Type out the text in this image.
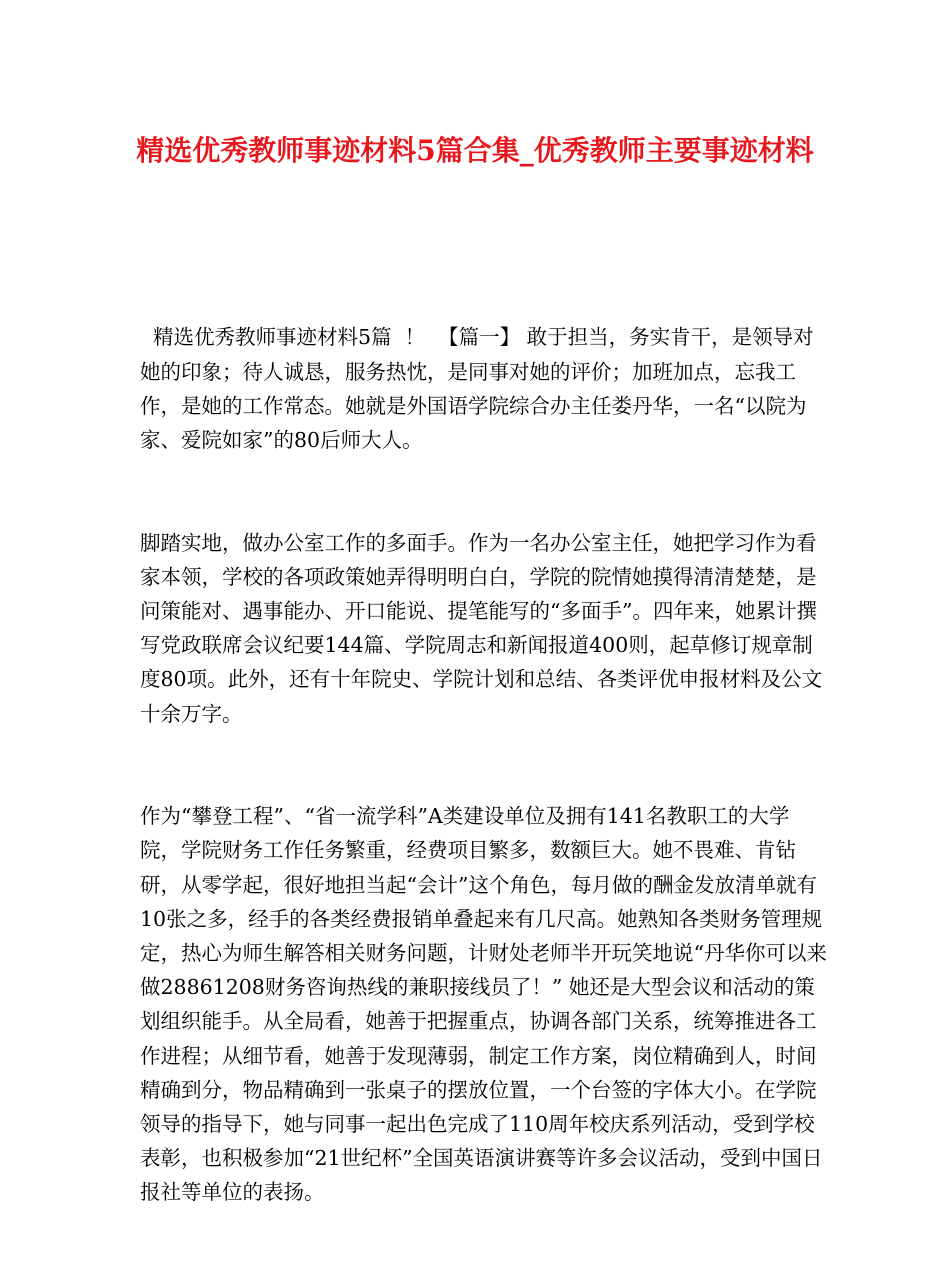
精选优秀教师事迹材料5篇合集_优秀教师主要事迹材料

精选优秀教师事迹材料5篇  ！  【篇一】 敢于担当，务实肯干，是领导对她的印象；待人诚恳，服务热忱，是同事对她的评价；加班加点，忘我工作，是她的工作常态。她就是外国语学院综合办主任娄丹华，一名“以院为家、爱院如家”的80后师大人。

脚踏实地，做办公室工作的多面手。作为一名办公室主任，她把学习作为看家本领，学校的各项政策她弄得明明白白，学院的院情她摸得清清楚楚，是问策能对、遇事能办、开口能说、提笔能写的“多面手”。四年来，她累计撰写党政联席会议纪要144篇、学院周志和新闻报道400则，起草修订规章制度80项。此外，还有十年院史、学院计划和总结、各类评优申报材料及公文十余万字。

作为“攀登工程”、“省一流学科”A类建设单位及拥有141名教职工的大学院，学院财务工作任务繁重，经费项目繁多，数额巨大。她不畏难、肯钻研，从零学起，很好地担当起“会计”这个角色，每月做的酬金发放清单就有10张之多，经手的各类经费报销单叠起来有几尺高。她熟知各类财务管理规定，热心为师生解答相关财务问题，计财处老师半开玩笑地说“丹华你可以来做28861208财务咨询热线的兼职接线员了！” 她还是大型会议和活动的策划组织能手。从全局看，她善于把握重点，协调各部门关系，统筹推进各工作进程；从细节看，她善于发现薄弱，制定工作方案，岗位精确到人，时间精确到分，物品精确到一张桌子的摆放位置，一个台签的字体大小。在学院领导的指导下，她与同事一起出色完成了110周年校庆系列活动，受到学校表彰，也积极参加“21世纪杯”全国英语演讲赛等许多会议活动，受到中国日报社等单位的表扬。
